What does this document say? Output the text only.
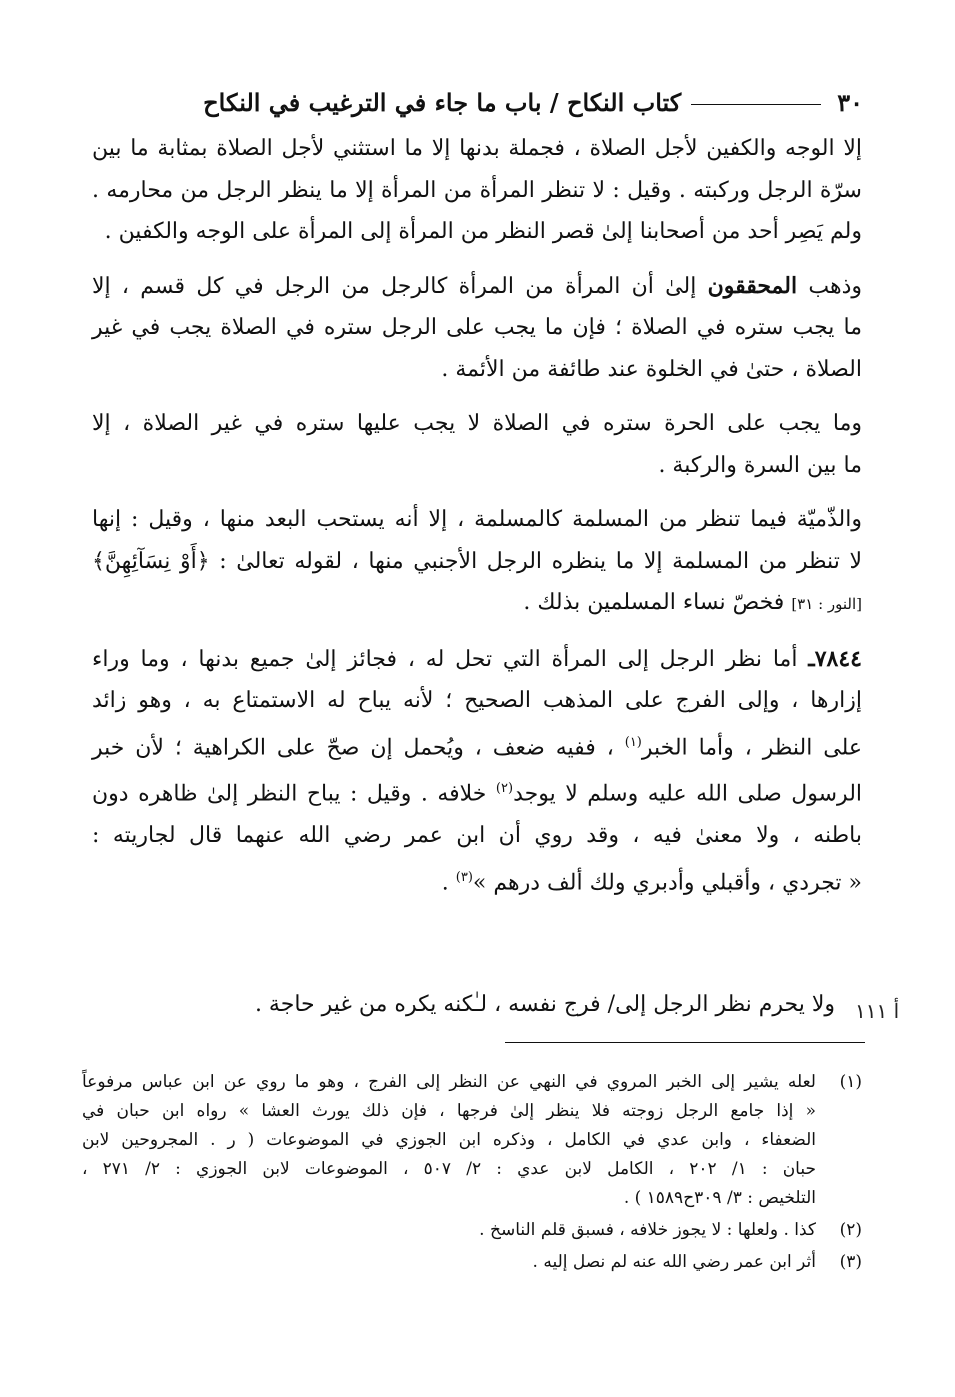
٣٠
كتاب النكاح / باب ما جاء في الترغيب في النكاح
إلا الوجه والكفين لأجل الصلاة ، فجملة بدنها إلا ما استثني لأجل الصلاة بمثابة ما بين
سرّة الرجل وركبته . وقيل : لا تنظر المرأة من المرأة إلا ما ينظر الرجل من محارمه .
ولم يَصِر أحد من أصحابنا إلىٰ قصر النظر من المرأة إلى المرأة على الوجه والكفين .
وذهب المحققون إلىٰ أن المرأة من المرأة كالرجل من الرجل في كل قسم ، إلا
ما يجب ستره في الصلاة ؛ فإن ما يجب على الرجل ستره في الصلاة يجب في غير
الصلاة ، حتىٰ في الخلوة عند طائفة من الأئمة .
وما يجب على الحرة ستره في الصلاة لا يجب عليها ستره في غير الصلاة ، إلا
ما بين السرة والركبة .
والذّميّة فيما تنظر من المسلمة كالمسلمة ، إلا أنه يستحب البعد منها ، وقيل : إنها
لا تنظر من المسلمة إلا ما ينظره الرجل الأجنبي منها ، لقوله تعالىٰ : ﴿أَوْ نِسَآئِهِنَّ﴾
[النور : ٣١] فخصّ نساء المسلمين بذلك .
٧٨٤٤ـ أما نظر الرجل إلى المرأة التي تحل له ، فجائز إلىٰ جميع بدنها ، وما وراء
إزارها ، وإلى الفرج على المذهب الصحيح ؛ لأنه يباح له الاستمتاع به ، وهو زائد
على النظر ، وأما الخبر$^{(١)}$ ، ففيه ضعف ، ويُحمل إن صحّ على الكراهية ؛ لأن خبر
الرسول صلى الله عليه وسلم لا يوجد$^{(٢)}$ خلافه . وقيل : يباح النظر إلىٰ ظاهره دون
باطنه ، ولا معنىٰ فيه ، وقد روي أن ابن عمر رضي الله عنهما قال لجاريته :
« تجردي ، وأقبلي وأدبري ولك ألف درهم »$^{(٣)}$ .
ولا يحرم نظر الرجل إلى/ فرج نفسه ، لـٰكنه يكره من غير حاجة . أ ١١١
(١)
لعله يشير إلى الخبر المروي في النهي عن النظر إلى الفرج ، وهو ما روي عن ابن عباس مرفوعاً
« إذا جامع الرجل زوجته فلا ينظر إلىٰ فرجها ، فإن ذلك يورث العشا » رواه ابن حبان في
الضعفاء ، وابن عدي في الكامل ، وذكره ابن الجوزي في الموضوعات ( ر . المجروحين لابن
حبان : ١/ ٢٠٢ ، الكامل لابن عدي : ٢/ ٥٠٧ ، الموضوعات لابن الجوزي : ٢/ ٢٧١ ،
التلخيص : ٣/ ٣٠٩ح١٥٨٩ ) .
(٢)
كذا . ولعلها : لا يجوز خلافه ، فسبق قلم الناسخ .
(٣)
أثر ابن عمر رضي الله عنه لم نصل إليه .
